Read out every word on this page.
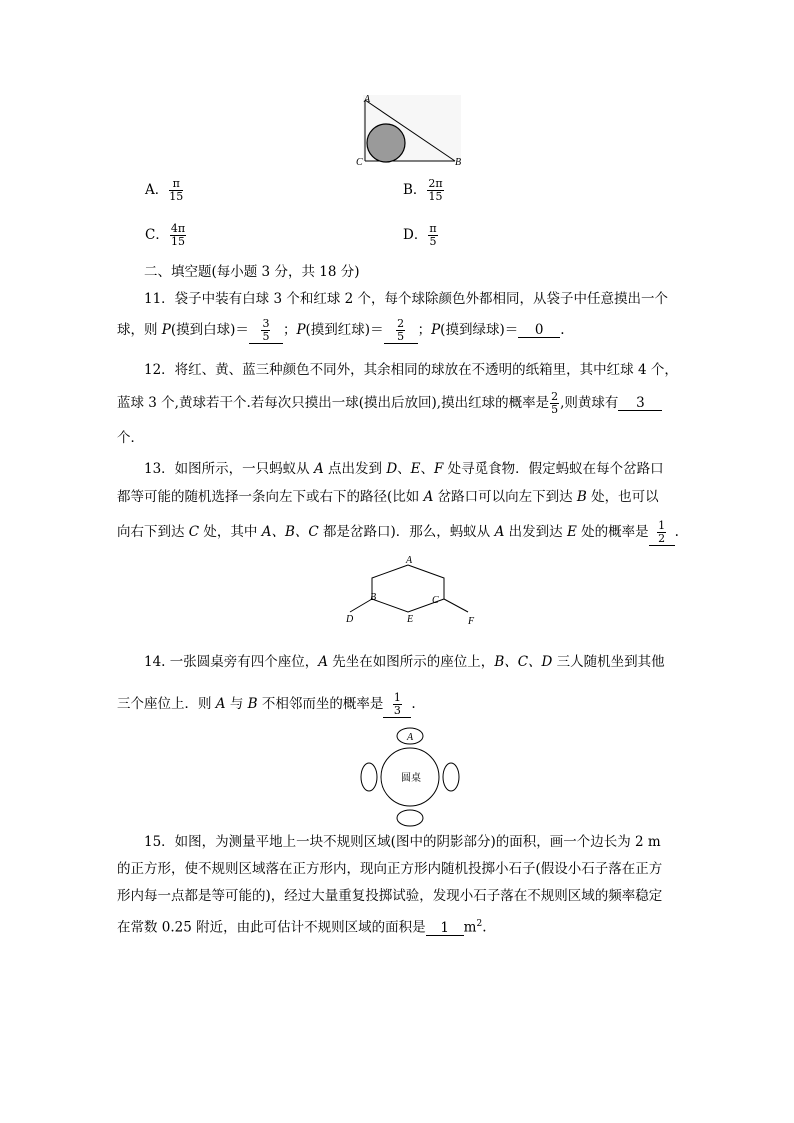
A
C	B
A． $\frac{\pi}{15}$	B． $\frac{2\pi}{15}$
C． $\frac{4\pi}{15}$	D． $\frac{\pi}{5}$
二、填空题(每小题 3 分，共 18 分)
11．袋子中装有白球 3 个和红球 2 个，每个球除颜色外都相同，从袋子中任意摸出一个
球，则 P(摸到白球)＝ $\frac{3}{5}$ ；P(摸到红球)＝ $\frac{2}{5}$ ；P(摸到绿球)＝ 0 .
12．将红、黄、蓝三种颜色不同外，其余相同的球放在不透明的纸箱里，其中红球 4 个，
蓝球 3 个,黄球若干个.若每次只摸出一球(摸出后放回),摸出红球的概率是 $\frac{2}{5}$ ,则黄球有 3
个．
13．如图所示，一只蚂蚁从 A 点出发到 D、E、F 处寻觅食物．假定蚂蚁在每个岔路口
都等可能的随机选择一条向左下或右下的路径(比如 A 岔路口可以向左下到达 B 处，也可以
向右下到达 C 处，其中 A、B、C 都是岔路口)．那么，蚂蚁从 A 出发到达 E 处的概率是 $\frac{1}{2}$ .
A
B	C
D	E	F
14. 一张圆桌旁有四个座位，A 先坐在如图所示的座位上，B、C、D 三人随机坐到其他
三个座位上．则 A 与 B 不相邻而坐的概率是 $\frac{1}{3}$ .
A
圆桌
15．如图，为测量平地上一块不规则区域(图中的阴影部分)的面积，画一个边长为 2 m
的正方形，使不规则区域落在正方形内，现向正方形内随机投掷小石子(假设小石子落在正方
形内每一点都是等可能的)，经过大量重复投掷试验，发现小石子落在不规则区域的频率稳定
在常数 0.25 附近，由此可估计不规则区域的面积是 1 $m^2$.
